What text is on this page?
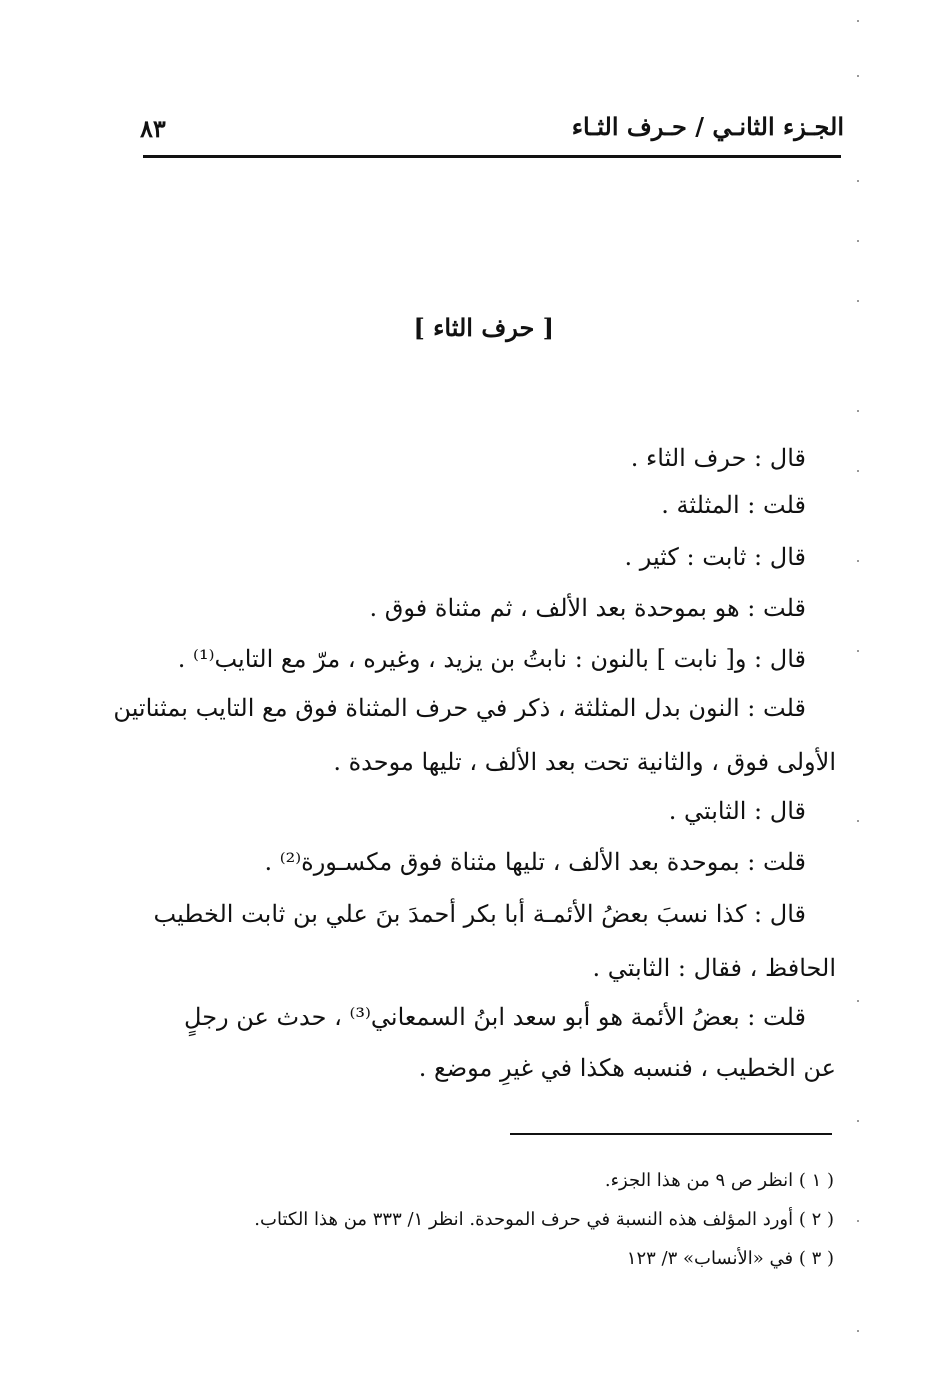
الجـزء الثانـي / حـرف الثـاء
٨٣
[ حرف الثاء ]
قال : حرف الثاء .
قلت : المثلثة .
قال : ثابت : كثير .
قلت : هو بموحدة بعد الألف ، ثم مثناة فوق .
قال : و[ نابت ] بالنون : نابتُ بن يزيد ، وغيره ، مرّ مع التايب⁽¹⁾ .
قلت : النون بدل المثلثة ، ذكر في حرف المثناة فوق مع التايب بمثناتين
الأولى فوق ، والثانية تحت بعد الألف ، تليها موحدة .
قال : الثابتي .
قلت : بموحدة بعد الألف ، تليها مثناة فوق مكسـورة⁽²⁾ .
قال : كذا نسبَ بعضُ الأئمـة أبا بكر أحمدَ بنَ علي بن ثابت الخطيب
الحافظ ، فقال : الثابتي .
قلت : بعضُ الأئمة هو أبو سعد ابنُ السمعاني⁽³⁾ ، حدث عن رجلٍ
عن الخطيب ، فنسبه هكذا في غيرِ موضع .
( ١ ) انظر ص ٩ من هذا الجزء.
( ٢ ) أورد المؤلف هذه النسبة في حرف الموحدة. انظر ١/ ٣٣٣ من هذا الكتاب.
( ٣ ) في «الأنساب» ٣/ ١٢٣
